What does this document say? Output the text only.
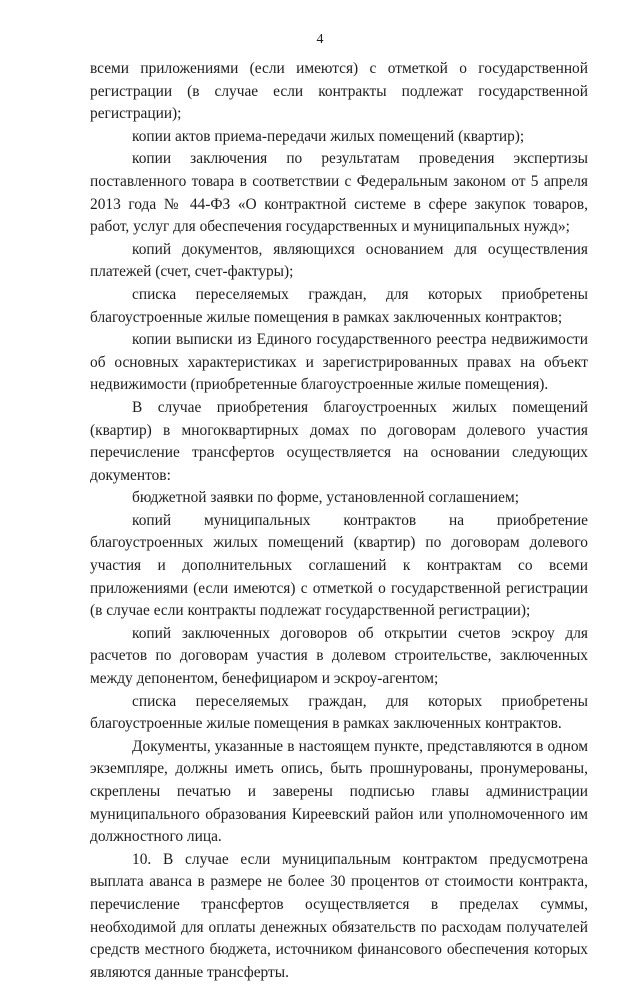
4

всеми приложениями (если имеются) с отметкой о государственной регистрации (в случае если контракты подлежат государственной регистрации);

копии актов приема-передачи жилых помещений (квартир);

копии заключения по результатам проведения экспертизы поставленного товара в соответствии с Федеральным законом от 5 апреля 2013 года № 44-ФЗ «О контрактной системе в сфере закупок товаров, работ, услуг для обеспечения государственных и муниципальных нужд»;

копий документов, являющихся основанием для осуществления платежей (счет, счет-фактуры);

списка переселяемых граждан, для которых приобретены благоустроенные жилые помещения в рамках заключенных контрактов;

копии выписки из Единого государственного реестра недвижимости об основных характеристиках и зарегистрированных правах на объект недвижимости (приобретенные благоустроенные жилые помещения).

В случае приобретения благоустроенных жилых помещений (квартир) в многоквартирных домах по договорам долевого участия перечисление трансфертов осуществляется на основании следующих документов:

бюджетной заявки по форме, установленной соглашением;

копий муниципальных контрактов на приобретение благоустроенных жилых помещений (квартир) по договорам долевого участия и дополнительных соглашений к контрактам со всеми приложениями (если имеются) с отметкой о государственной регистрации (в случае если контракты подлежат государственной регистрации);

копий заключенных договоров об открытии счетов эскроу для расчетов по договорам участия в долевом строительстве, заключенных между депонентом, бенефициаром и эскроу-агентом;

списка переселяемых граждан, для которых приобретены благоустроенные жилые помещения в рамках заключенных контрактов.

Документы, указанные в настоящем пункте, представляются в одном экземпляре, должны иметь опись, быть прошнурованы, пронумерованы, скреплены печатью и заверены подписью главы администрации муниципального образования Киреевский район или уполномоченного им должностного лица.

10. В случае если муниципальным контрактом предусмотрена выплата аванса в размере не более 30 процентов от стоимости контракта, перечисление трансфертов осуществляется в пределах суммы, необходимой для оплаты денежных обязательств по расходам получателей средств местного бюджета, источником финансового обеспечения которых являются данные трансферты.
